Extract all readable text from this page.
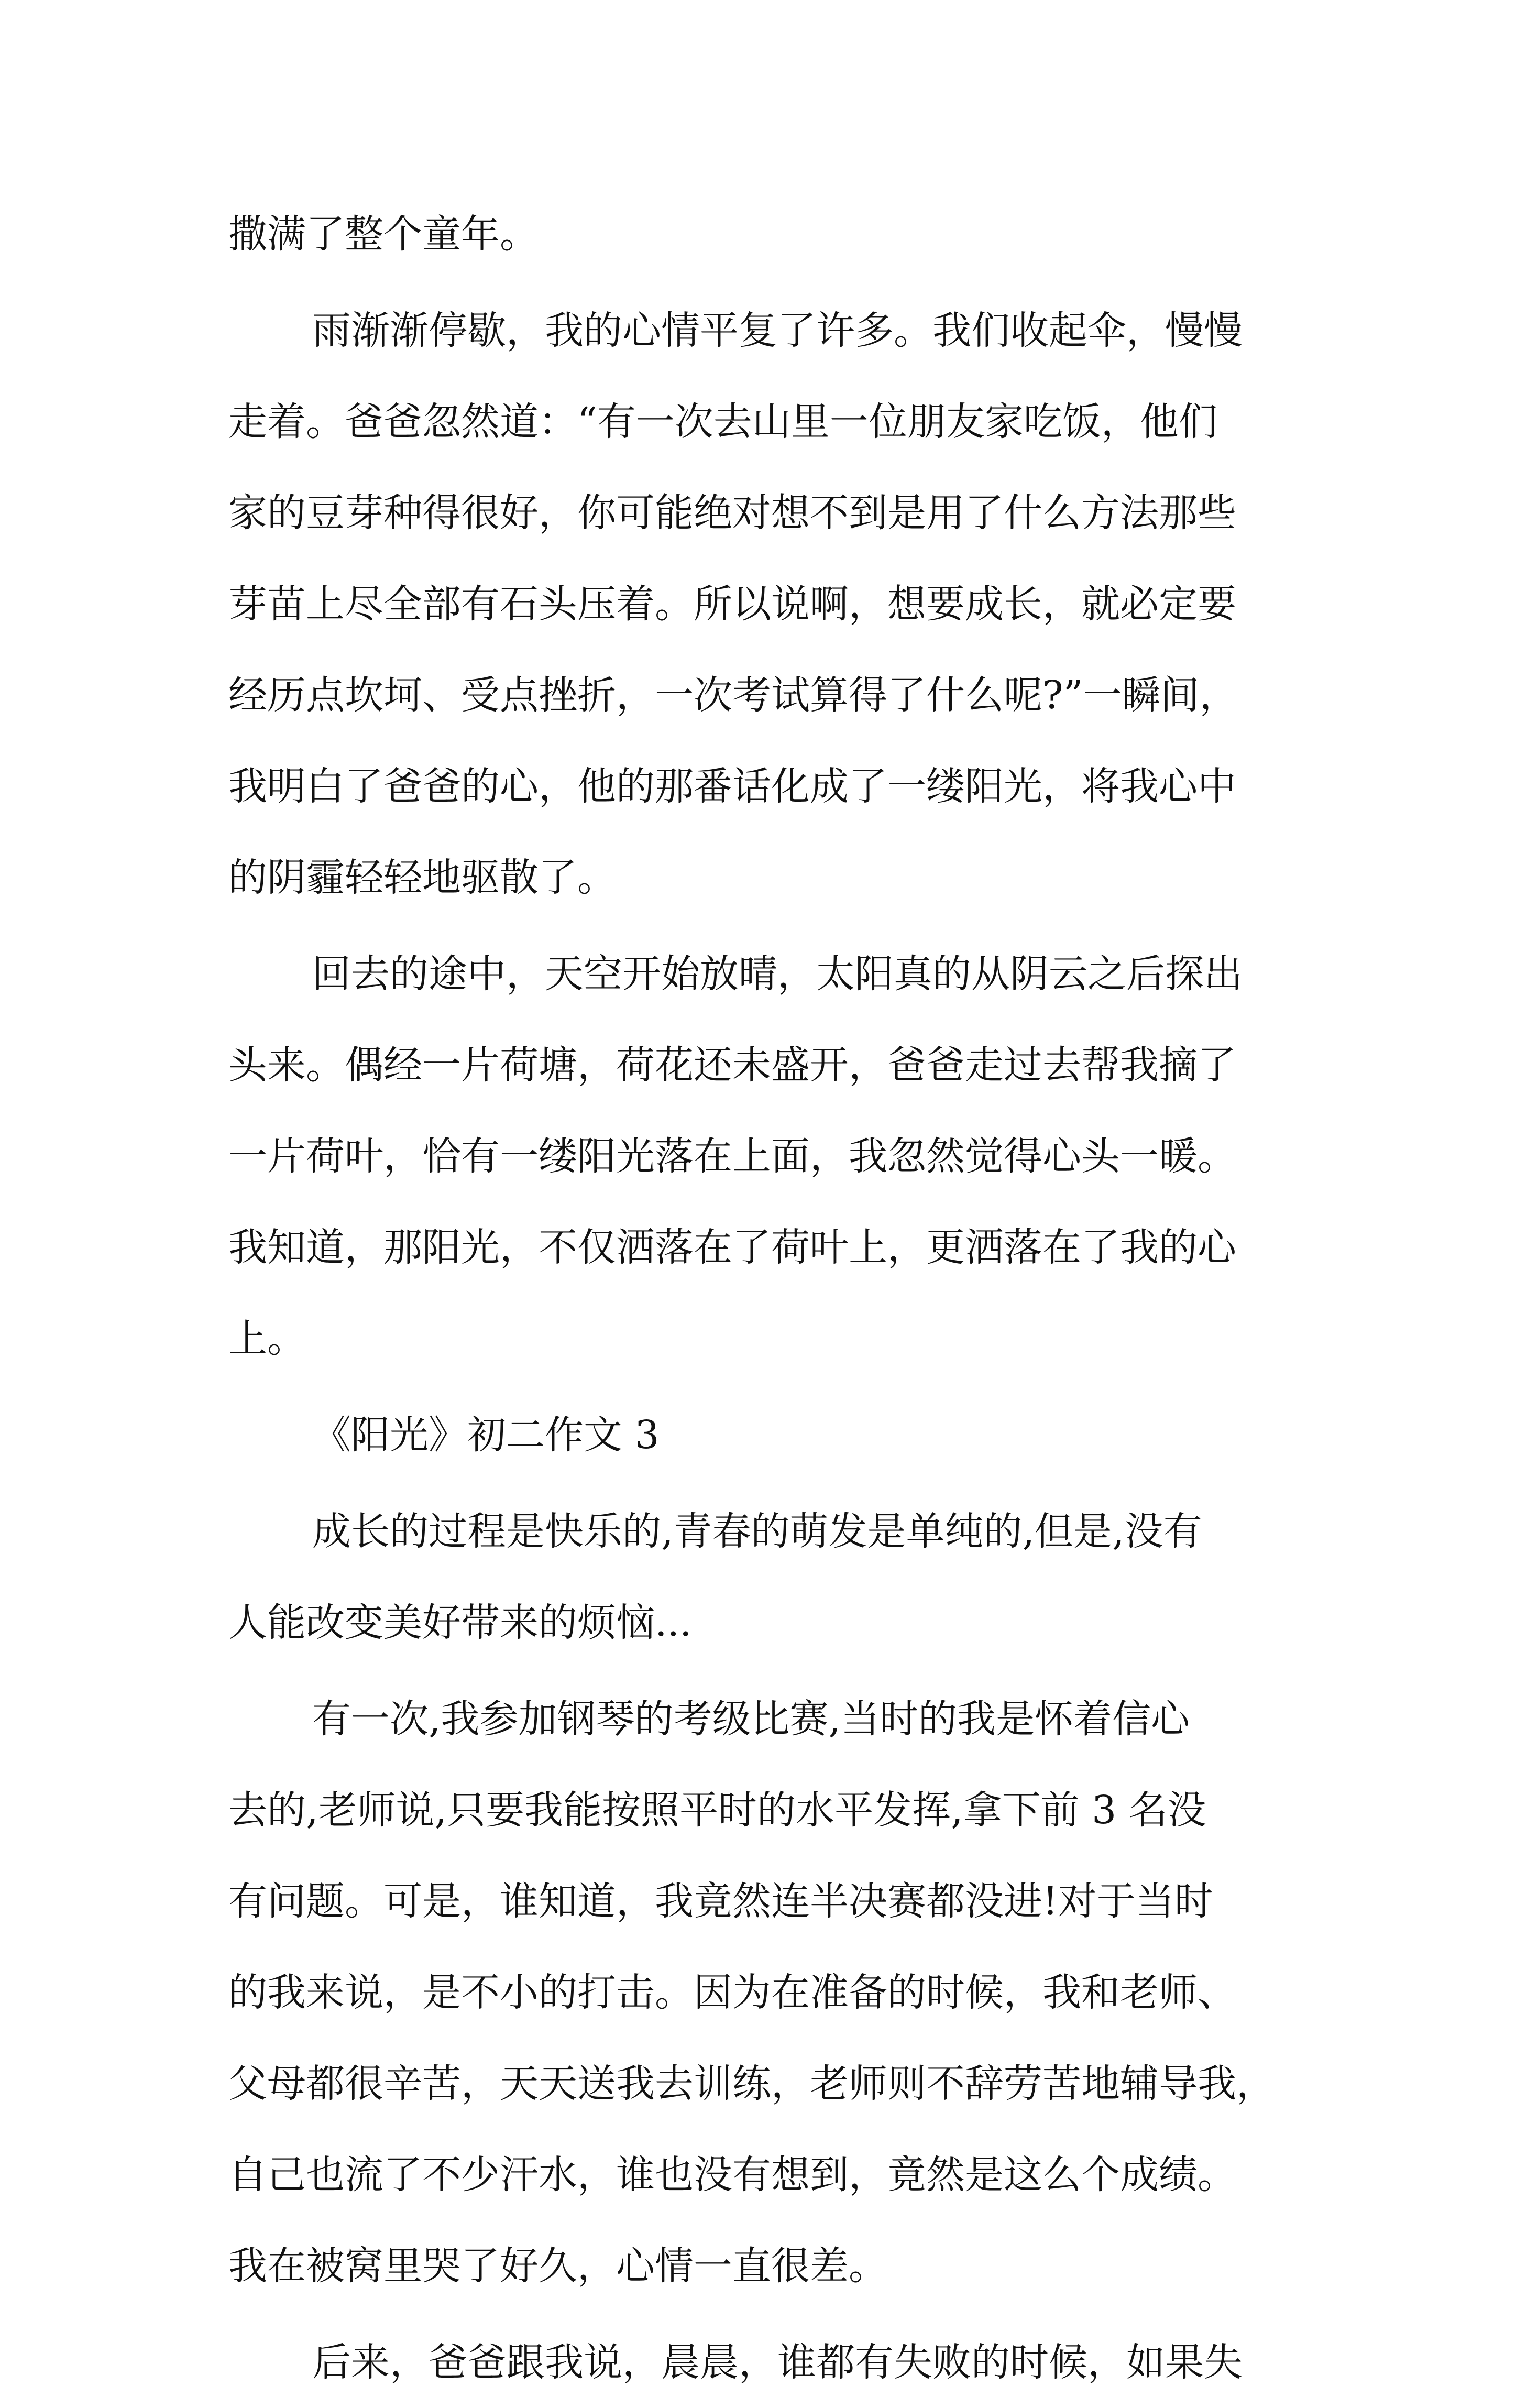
撒满了整个童年。
雨渐渐停歇，我的心情平复了许多。我们收起伞，慢慢
走着。爸爸忽然道：“有一次去山里一位朋友家吃饭，他们
家的豆芽种得很好，你可能绝对想不到是用了什么方法那些
芽苗上尽全部有石头压着。所以说啊，想要成长，就必定要
经历点坎坷、受点挫折，一次考试算得了什么呢?”一瞬间，
我明白了爸爸的心，他的那番话化成了一缕阳光，将我心中
的阴霾轻轻地驱散了。
回去的途中，天空开始放晴，太阳真的从阴云之后探出
头来。偶经一片荷塘，荷花还未盛开，爸爸走过去帮我摘了
一片荷叶，恰有一缕阳光落在上面，我忽然觉得心头一暖。
我知道，那阳光，不仅洒落在了荷叶上，更洒落在了我的心
上。
《阳光》初二作文 3
成长的过程是快乐的,青春的萌发是单纯的,但是,没有
人能改变美好带来的烦恼...
有一次,我参加钢琴的考级比赛,当时的我是怀着信心
去的,老师说,只要我能按照平时的水平发挥,拿下前 3 名没
有问题。可是，谁知道，我竟然连半决赛都没进!对于当时
的我来说，是不小的打击。因为在准备的时候，我和老师、
父母都很辛苦，天天送我去训练，老师则不辞劳苦地辅导我，
自己也流了不少汗水，谁也没有想到，竟然是这么个成绩。
我在被窝里哭了好久，心情一直很差。
后来，爸爸跟我说，晨晨，谁都有失败的时候，如果失
